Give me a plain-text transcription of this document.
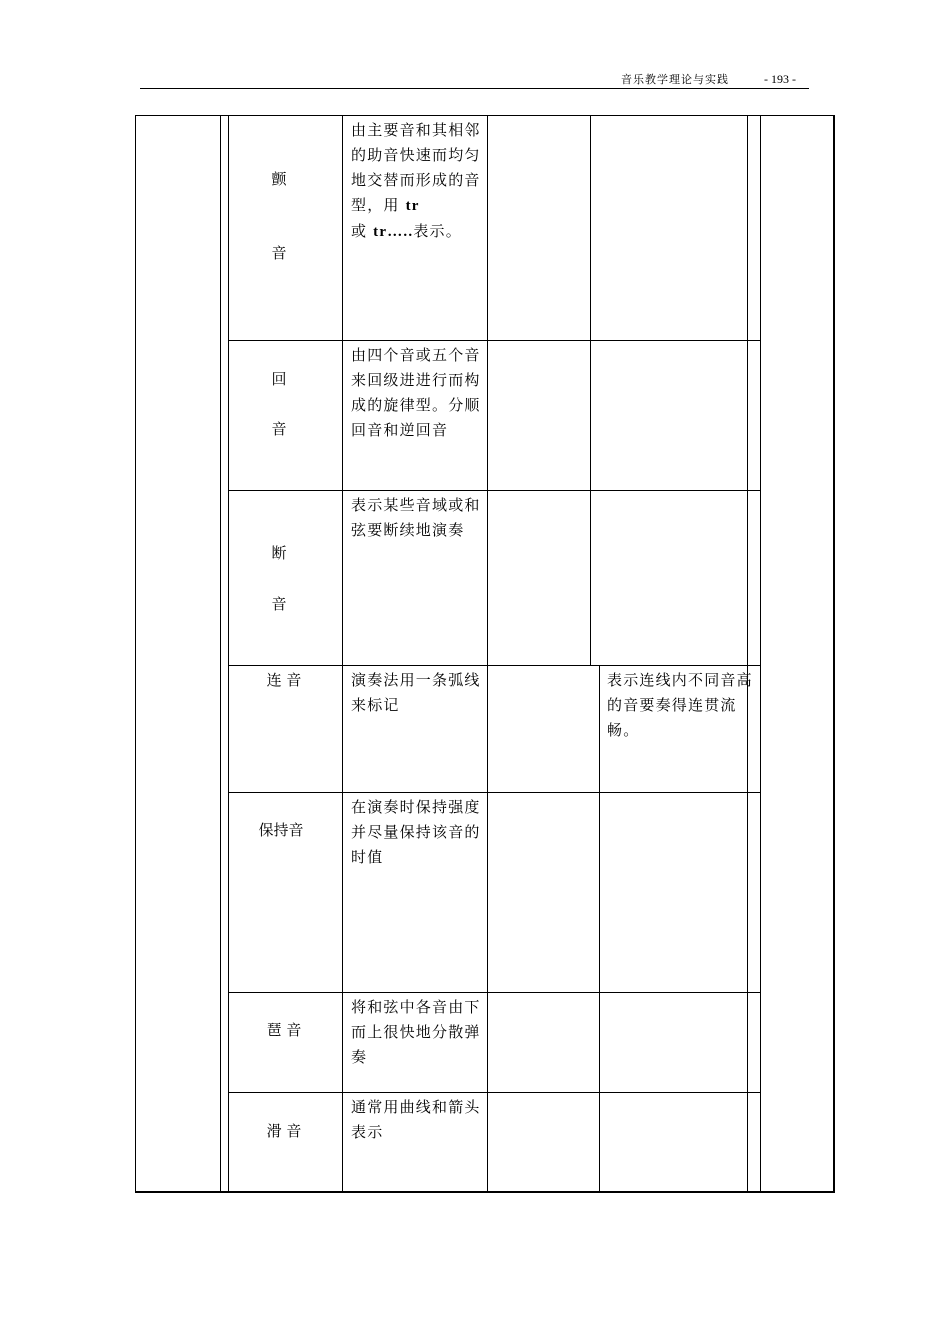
音乐教学理论与实践	- 193 -
颤
音
由主要音和其相邻的助音快速而均匀地交替而形成的音型，用 tr
或 tr…..表示。
回
音
由四个音或五个音来回级进进行而构成的旋律型。分顺回音和逆回音
断
音
表示某些音域或和弦要断续地演奏
连 音	演奏法用一条弧线来标记
表示连线内不同音高的音要奏得连贯流畅。
保持音
在演奏时保持强度并尽量保持该音的时值
琶 音
将和弦中各音由下而上很快地分散弹奏
滑 音
通常用曲线和箭头表示
